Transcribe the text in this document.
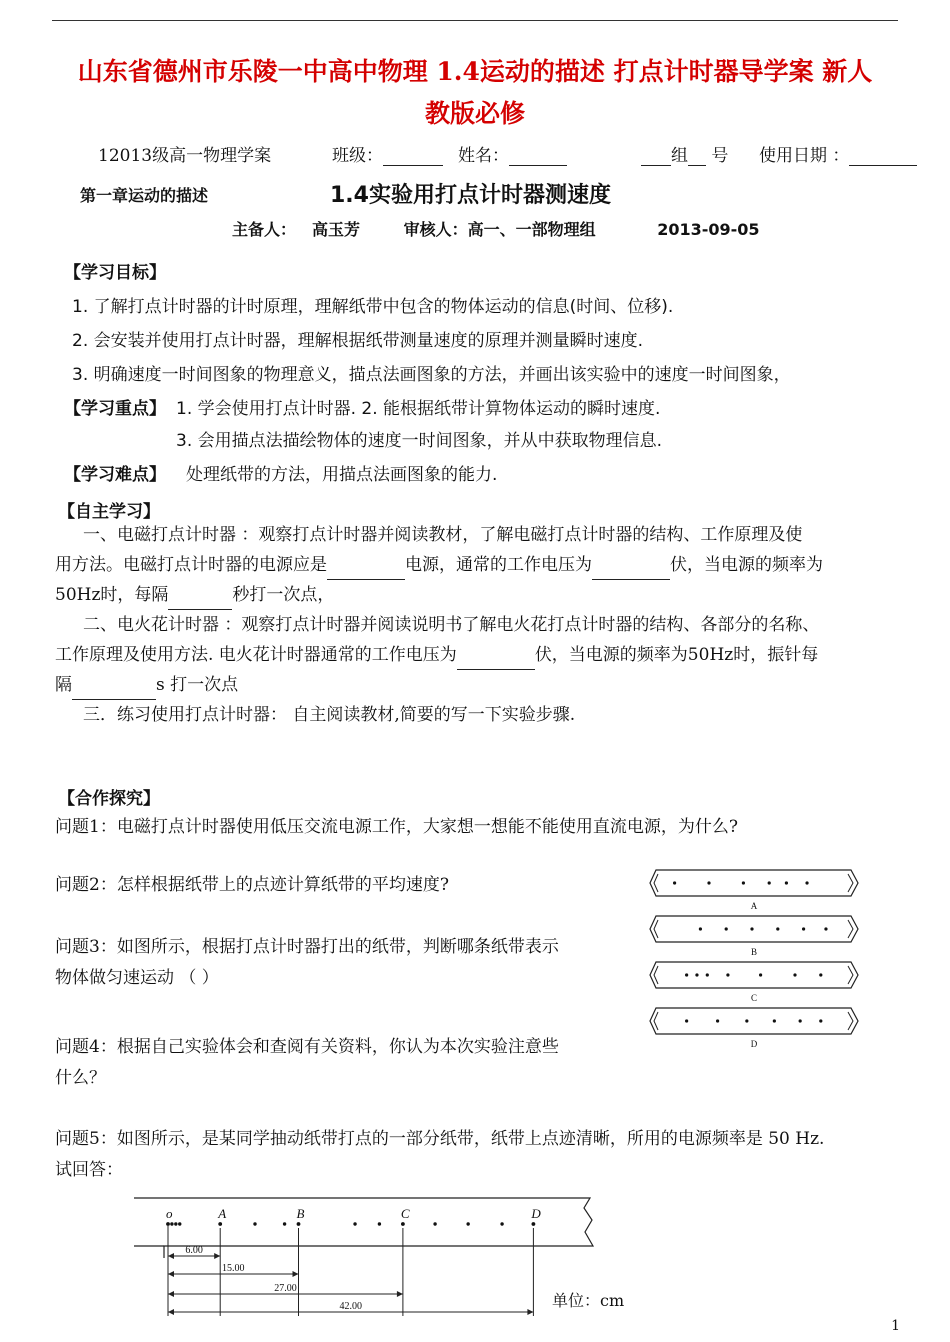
山东省德州市乐陵一中高中物理 1.4运动的描述 打点计时器导学案 新人
教版必修
12013级高一物理学案	班级：	姓名：	组 号 使用日期 ：
第一章运动的描述	1.4实验用打点计时器测速度
主备人： 高玉芳	审核人：高一、一部物理组	2013-09-05
【学习目标】
1. 了解打点计时器的计时原理，理解纸带中包含的物体运动的信息(时间、位移).
2. 会安装并使用打点计时器，理解根据纸带测量速度的原理并测量瞬时速度.
3. 明确速度一时间图象的物理意义，描点法画图象的方法，并画出该实验中的速度一时间图象，
【学习重点】 1. 学会使用打点计时器. 2. 能根据纸带计算物体运动的瞬时速度.
3. 会用描点法描绘物体的速度一时间图象，并从中获取物理信息.
【学习难点】 处理纸带的方法，用描点法画图象的能力.
【自主学习】
一、电磁打点计时器 ：观察打点计时器并阅读教材，了解电磁打点计时器的结构、工作原理及使
用方法。电磁打点计时器的电源应是	电源，通常的工作电压为	伏，当电源的频率为
50Hz时，每隔	秒打一次点，
二、电火花计时器 ：观察打点计时器并阅读说明书了解电火花打点计时器的结构、各部分的名称、
工作原理及使用方法. 电火花计时器通常的工作电压为	伏，当电源的频率为50Hz时，振针每
隔	s 打一次点
三．练习使用打点计时器： 自主阅读教材,简要的写一下实验步骤.
【合作探究】
问题1：电磁打点计时器使用低压交流电源工作，大家想一想能不能使用直流电源，为什么?
问题2：怎样根据纸带上的点迹计算纸带的平均速度?
问题3：如图所示，根据打点计时器打出的纸带，判断哪条纸带表示
物体做匀速运动 （ ）
问题4：根据自己实验体会和查阅有关资料，你认为本次实验注意些
什么？
问题5：如图所示，是某同学抽动纸带打点的一部分纸带，纸带上点迹清晰，所用的电源频率是 50 Hz.
试回答：
A
B
C
D
o	A	B	C	D
6.00
15.00
27.00
42.00	单位：cm
1
